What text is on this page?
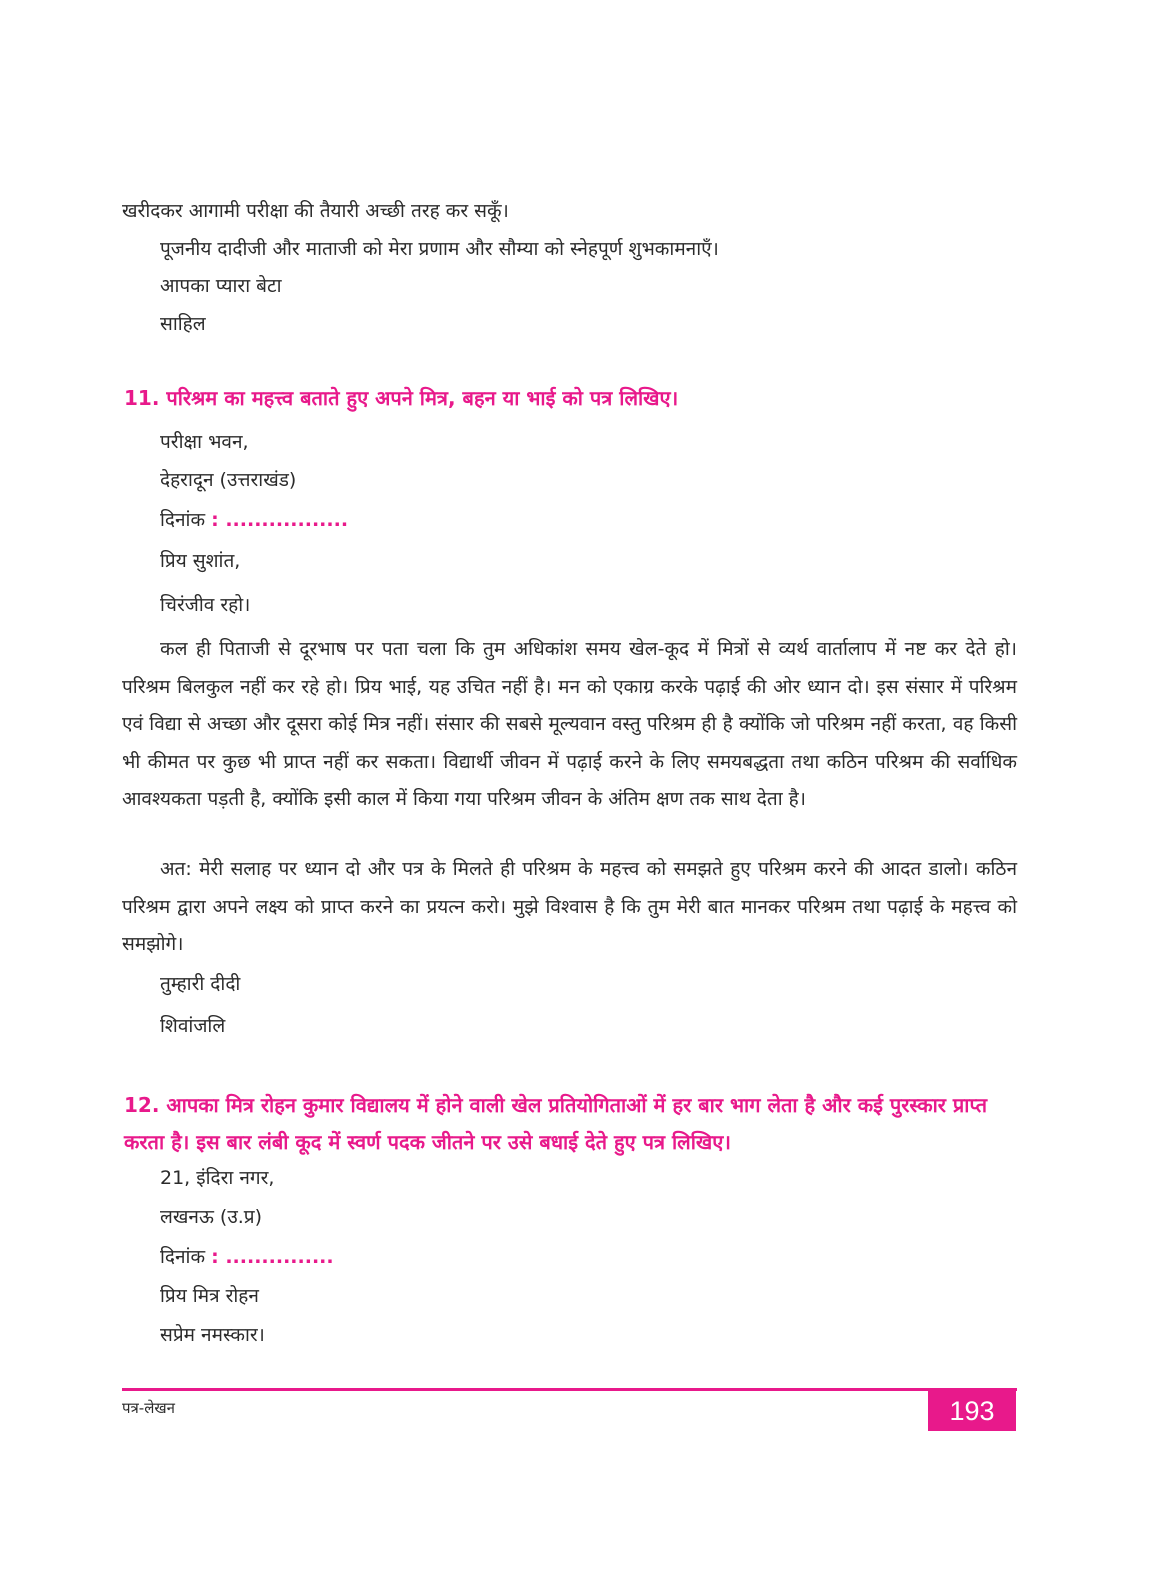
खरीदकर आगामी परीक्षा की तैयारी अच्छी तरह कर सकूँ।
पूजनीय दादीजी और माताजी को मेरा प्रणाम और सौम्या को स्नेहपूर्ण शुभकामनाएँ।
आपका प्यारा बेटा
साहिल
11. परिश्रम का महत्त्व बताते हुए अपने मित्र, बहन या भाई को पत्र लिखिए।
परीक्षा भवन,
देहरादून (उत्तराखंड)
दिनांक : .................
प्रिय सुशांत,
चिरंजीव रहो।
कल ही पिताजी से दूरभाष पर पता चला कि तुम अधिकांश समय खेल-कूद में मित्रों से व्यर्थ वार्तालाप में नष्ट कर देते हो। परिश्रम बिलकुल नहीं कर रहे हो। प्रिय भाई, यह उचित नहीं है। मन को एकाग्र करके पढ़ाई की ओर ध्यान दो। इस संसार में परिश्रम एवं विद्या से अच्छा और दूसरा कोई मित्र नहीं। संसार की सबसे मूल्यवान वस्तु परिश्रम ही है क्योंकि जो परिश्रम नहीं करता, वह किसी भी कीमत पर कुछ भी प्राप्त नहीं कर सकता। विद्यार्थी जीवन में पढ़ाई करने के लिए समयबद्धता तथा कठिन परिश्रम की सर्वाधिक आवश्यकता पड़ती है, क्योंकि इसी काल में किया गया परिश्रम जीवन के अंतिम क्षण तक साथ देता है।
अत: मेरी सलाह पर ध्यान दो और पत्र के मिलते ही परिश्रम के महत्त्व को समझते हुए परिश्रम करने की आदत डालो। कठिन परिश्रम द्वारा अपने लक्ष्य को प्राप्त करने का प्रयत्न करो। मुझे विश्वास है कि तुम मेरी बात मानकर परिश्रम तथा पढ़ाई के महत्त्व को समझोगे।
तुम्हारी दीदी
शिवांजलि
12. आपका मित्र रोहन कुमार विद्यालय में होने वाली खेल प्रतियोगिताओं में हर बार भाग लेता है और कई पुरस्कार प्राप्त करता है। इस बार लंबी कूद में स्वर्ण पदक जीतने पर उसे बधाई देते हुए पत्र लिखिए।
21, इंदिरा नगर,
लखनऊ (उ.प्र)
दिनांक : ...............
प्रिय मित्र रोहन
सप्रेम नमस्कार।
पत्र-लेखन	193
